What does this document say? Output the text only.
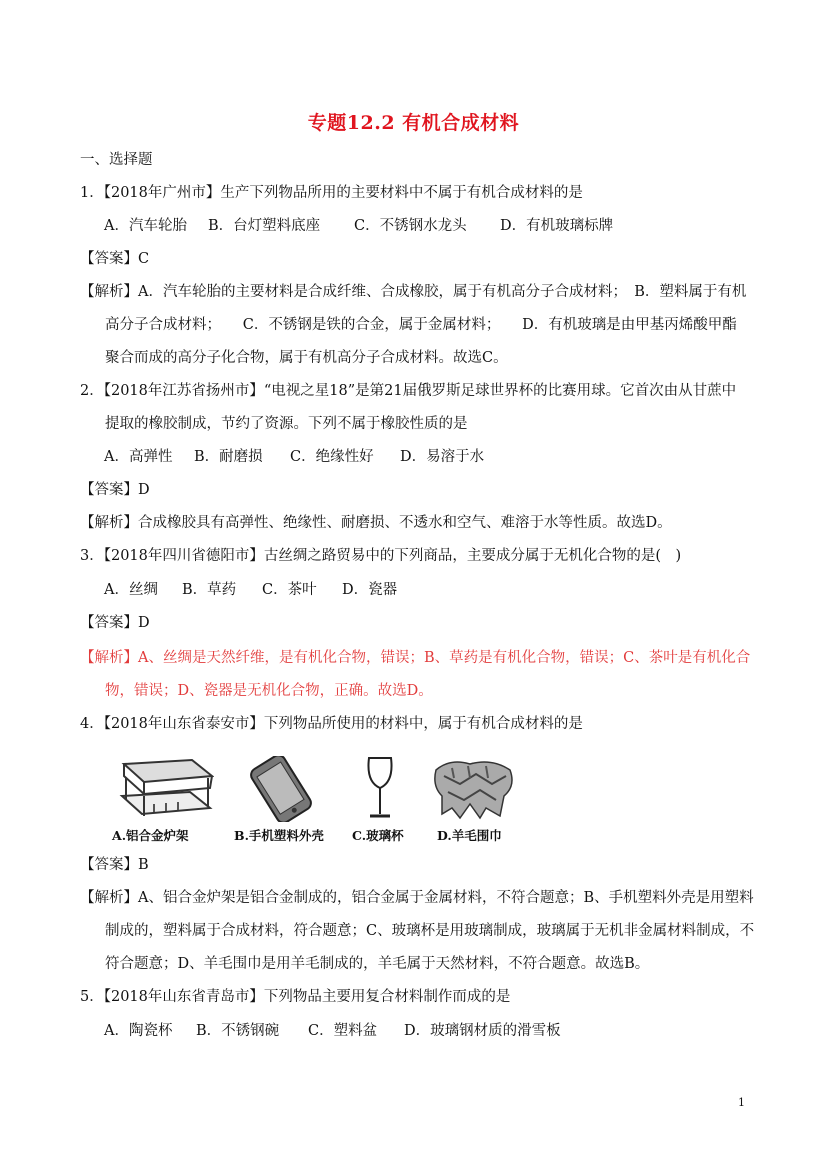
专题12.2 有机合成材料
一、选择题
1．【2018年广州市】生产下列物品所用的主要材料中不属于有机合成材料的是
A．汽车轮胎 B．台灯塑料底座 C．不锈钢水龙头 D．有机玻璃标牌
【答案】C
【解析】A．汽车轮胎的主要材料是合成纤维、合成橡胶，属于有机高分子合成材料；　B．塑料属于有机
高分子合成材料；　　C．不锈钢是铁的合金，属于金属材料；　　D．有机玻璃是由甲基丙烯酸甲酯
聚合而成的高分子化合物，属于有机高分子合成材料。故选C。
2．【2018年江苏省扬州市】“电视之星18”是第21届俄罗斯足球世界杯的比赛用球。它首次由从甘蔗中
提取的橡胶制成，节约了资源。下列不属于橡胶性质的是
A．高弹性 B．耐磨损 C．绝缘性好 D．易溶于水
【答案】D
【解析】合成橡胶具有高弹性、绝缘性、耐磨损、不透水和空气、难溶于水等性质。故选D。
3．【2018年四川省德阳市】古丝绸之路贸易中的下列商品，主要成分属于无机化合物的是(　)
A．丝绸 B．草药 C．茶叶 D．瓷器
【答案】D
【解析】A、丝绸是天然纤维，是有机化合物，错误；B、草药是有机化合物，错误；C、茶叶是有机化合
物，错误；D、瓷器是无机化合物，正确。故选D。
4．【2018年山东省泰安市】下列物品所使用的材料中，属于有机合成材料的是
A.铝合金炉架	B.手机塑料外壳 C.玻璃杯	D.羊毛围巾
【答案】B
【解析】A、铝合金炉架是铝合金制成的，铝合金属于金属材料，不符合题意；B、手机塑料外壳是用塑料
制成的，塑料属于合成材料，符合题意；C、玻璃杯是用玻璃制成，玻璃属于无机非金属材料制成，不
符合题意；D、羊毛围巾是用羊毛制成的，羊毛属于天然材料，不符合题意。故选B。
5．【2018年山东省青岛市】下列物品主要用复合材料制作而成的是
A．陶瓷杯 B．不锈钢碗 C．塑料盆 D．玻璃钢材质的滑雪板
1
